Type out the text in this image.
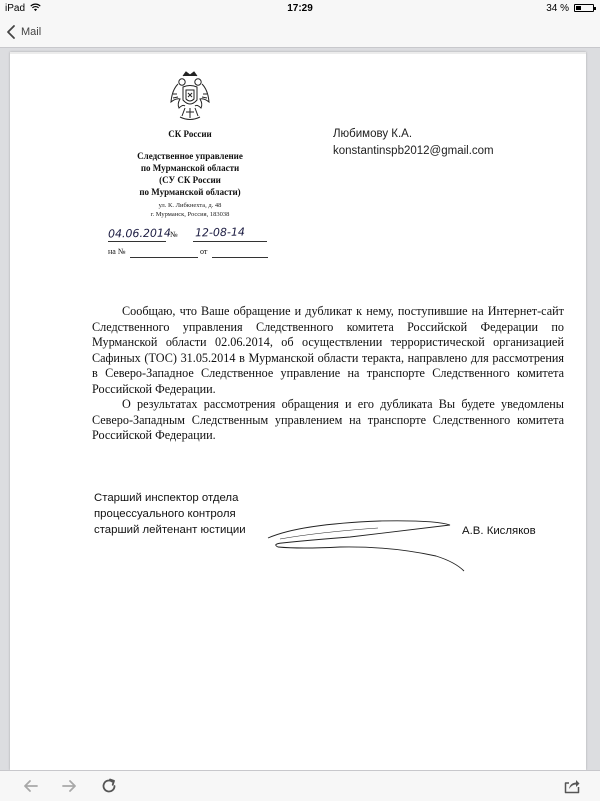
iPad	17:29	34 %
Mail
СК России
Следственное управление
по Мурманской области
(СУ СК России
по Мурманской области)
ул. К. Либкнехта, д. 48
г. Мурманск, Россия, 183038
04.06.2014
№ 12-08-14
на №	от
Любимову К.А.
konstantinspb2012@gmail.com

Сообщаю, что Ваше обращение и дубликат к нему, поступившие на Интернет-сайт Следственного управления Следственного комитета Российской Федерации по Мурманской области 02.06.2014, об осуществлении террористической организацией Сафиных (ТОС) 31.05.2014 в Мурманской области теракта, направлено для рассмотрения в Северо-Западное Следственное управление на транспорте Следственного комитета Российской Федерации.

О результатах рассмотрения обращения и его дубликата Вы будете уведомлены Северо-Западным Следственным управлением на транспорте Следственного комитета Российской Федерации.

Старший инспектор отдела
процессуального контроля
старший лейтенант юстиции	А.В. Кисляков
